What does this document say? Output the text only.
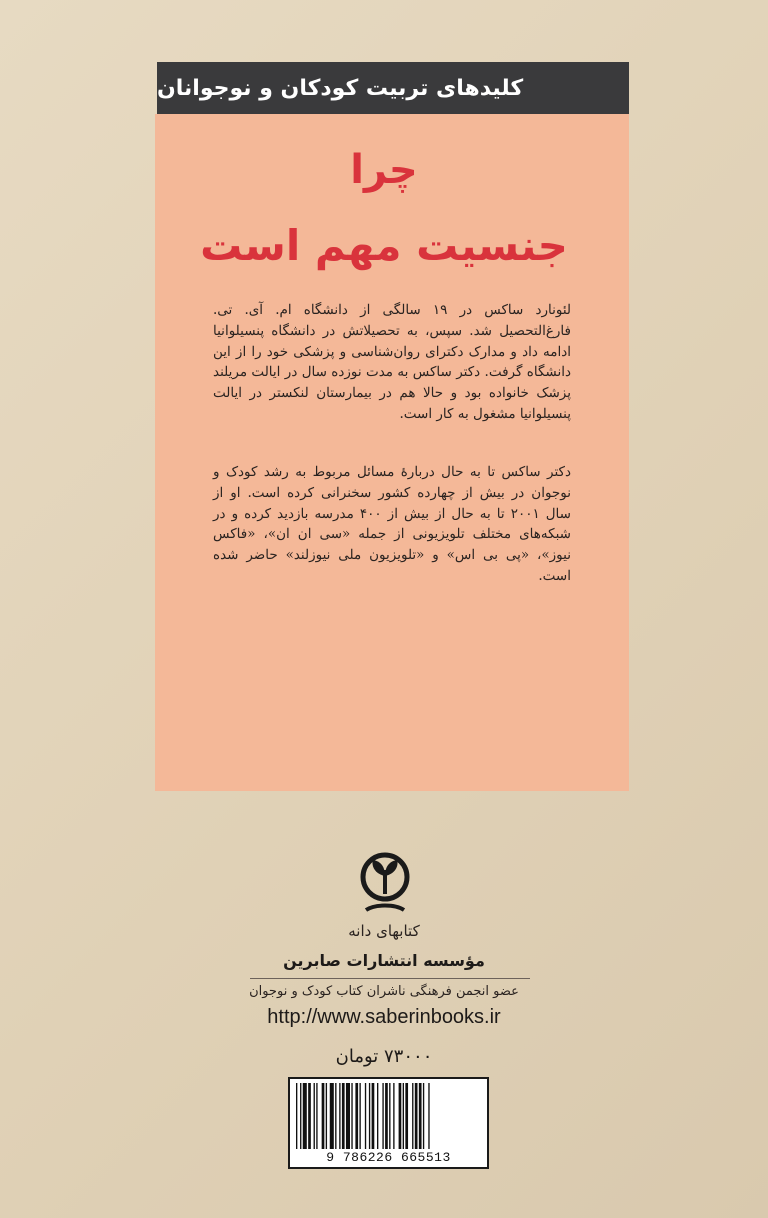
کلیدهای تربیت کودکان و نوجوانان
چرا
جنسیت مهم است
لئونارد ساکس در ۱۹ سالگی از دانشگاه ام. آی. تی. فارغ‌التحصیل شد. سپس، به تحصیلاتش در دانشگاه پنسیلوانیا ادامه داد و مدارک دکترای روان‌شناسی و پزشکی خود را از این دانشگاه گرفت. دکتر ساکس به مدت نوزده سال در ایالت مریلند پزشک خانواده بود و حالا هم در بیمارستان لنکستر در ایالت پنسیلوانیا مشغول به کار است.
دکتر ساکس تا به حال دربارهٔ مسائل مربوط به رشد کودک و نوجوان در بیش از چهارده کشور سخنرانی کرده است. او از سال ۲۰۰۱ تا به حال از بیش از ۴۰۰ مدرسه بازدید کرده و در شبکه‌های مختلف تلویزیونی از جمله «سی ان ان»، «فاکس نیوز»، «پی بی اس» و «تلویزیون ملی نیوزلند» حاضر شده است.
کتابهای دانه
مؤسسه انتشارات صابرین
عضو انجمن فرهنگی ناشران کتاب کودک و نوجوان
http://www.saberinbooks.ir
۷۳۰۰۰ تومان
9 786226 665513
